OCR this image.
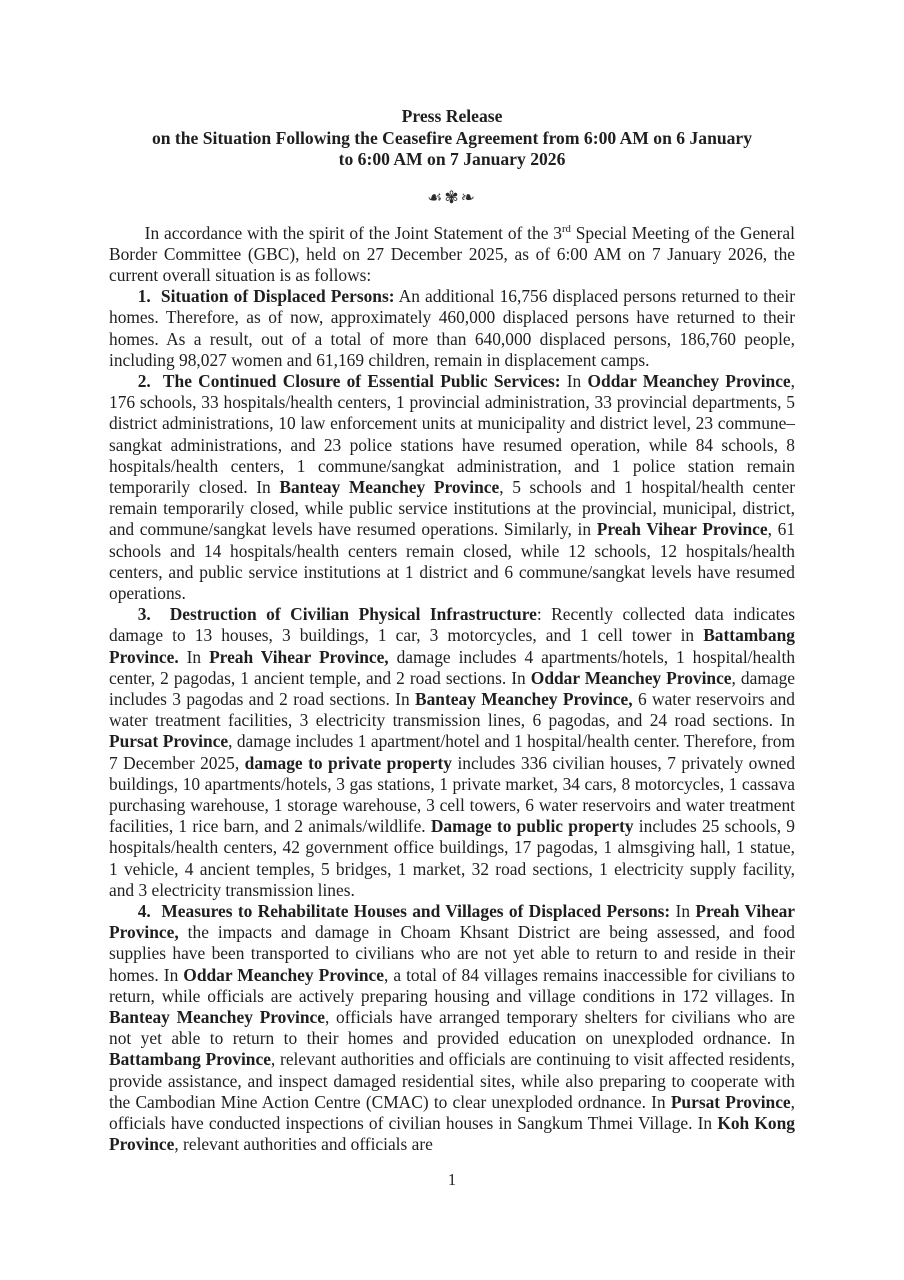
Press Release
on the Situation Following the Ceasefire Agreement from 6:00 AM on 6 January
to 6:00 AM on 7 January 2026
☙✾❧

In accordance with the spirit of the Joint Statement of the 3rd Special Meeting of the General Border Committee (GBC), held on 27 December 2025, as of 6:00 AM on 7 January 2026, the current overall situation is as follows:

1.  Situation of Displaced Persons: An additional 16,756 displaced persons returned to their homes. Therefore, as of now, approximately 460,000 displaced persons have returned to their homes. As a result, out of a total of more than 640,000 displaced persons, 186,760 people, including 98,027 women and 61,169 children, remain in displacement camps.

2.  The Continued Closure of Essential Public Services: In Oddar Meanchey Province, 176 schools, 33 hospitals/health centers, 1 provincial administration, 33 provincial departments, 5 district administrations, 10 law enforcement units at municipality and district level, 23 commune–sangkat administrations, and 23 police stations have resumed operation, while 84 schools, 8 hospitals/health centers, 1 commune/sangkat administration, and 1 police station remain temporarily closed. In Banteay Meanchey Province, 5 schools and 1 hospital/health center remain temporarily closed, while public service institutions at the provincial, municipal, district, and commune/sangkat levels have resumed operations. Similarly, in Preah Vihear Province, 61 schools and 14 hospitals/health centers remain closed, while 12 schools, 12 hospitals/health centers, and public service institutions at 1 district and 6 commune/sangkat levels have resumed operations.

3.  Destruction of Civilian Physical Infrastructure: Recently collected data indicates damage to 13 houses, 3 buildings, 1 car, 3 motorcycles, and 1 cell tower in Battambang Province. In Preah Vihear Province, damage includes 4 apartments/hotels, 1 hospital/health center, 2 pagodas, 1 ancient temple, and 2 road sections. In Oddar Meanchey Province, damage includes 3 pagodas and 2 road sections. In Banteay Meanchey Province, 6 water reservoirs and water treatment facilities, 3 electricity transmission lines, 6 pagodas, and 24 road sections. In Pursat Province, damage includes 1 apartment/hotel and 1 hospital/health center. Therefore, from 7 December 2025, damage to private property includes 336 civilian houses, 7 privately owned buildings, 10 apartments/hotels, 3 gas stations, 1 private market, 34 cars, 8 motorcycles, 1 cassava purchasing warehouse, 1 storage warehouse, 3 cell towers, 6 water reservoirs and water treatment facilities, 1 rice barn, and 2 animals/wildlife. Damage to public property includes 25 schools, 9 hospitals/health centers, 42 government office buildings, 17 pagodas, 1 almsgiving hall, 1 statue, 1 vehicle, 4 ancient temples, 5 bridges, 1 market, 32 road sections, 1 electricity supply facility, and 3 electricity transmission lines.

4.  Measures to Rehabilitate Houses and Villages of Displaced Persons: In Preah Vihear Province, the impacts and damage in Choam Khsant District are being assessed, and food supplies have been transported to civilians who are not yet able to return to and reside in their homes. In Oddar Meanchey Province, a total of 84 villages remains inaccessible for civilians to return, while officials are actively preparing housing and village conditions in 172 villages. In Banteay Meanchey Province, officials have arranged temporary shelters for civilians who are not yet able to return to their homes and provided education on unexploded ordnance. In Battambang Province, relevant authorities and officials are continuing to visit affected residents, provide assistance, and inspect damaged residential sites, while also preparing to cooperate with the Cambodian Mine Action Centre (CMAC) to clear unexploded ordnance. In Pursat Province, officials have conducted inspections of civilian houses in Sangkum Thmei Village. In Koh Kong Province, relevant authorities and officials are

1
